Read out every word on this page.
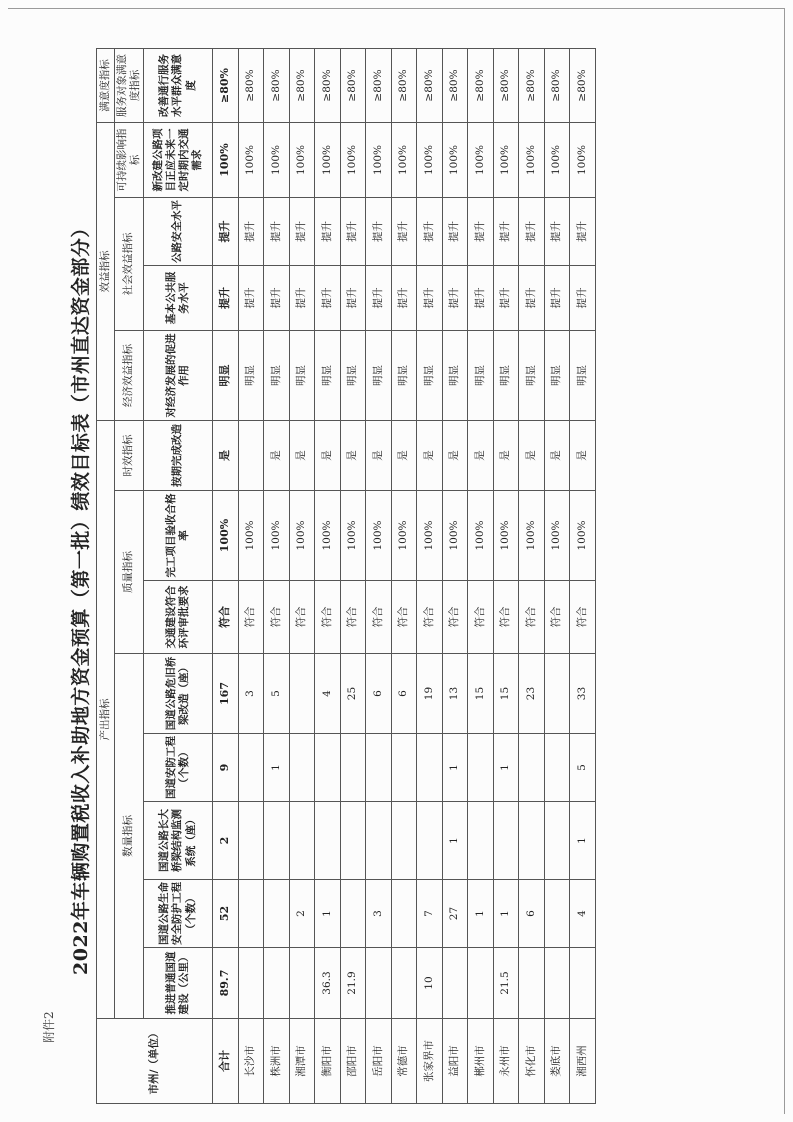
附件2
2022年车辆购置税收入补助地方资金预算（第一批）绩效目标表（市州直达资金部分）
市州/（单位）	产出指标								效益指标				满意度指标
	数量指标					质量指标		时效指标	经济效益指标	社会效益指标		可持续影响指标	服务对象满意度指标
	推进普通国道建设（公里）	国道公路生命安全防护工程（个数）	国道公路长大桥梁结构监测系统（座）	国道安防工程（个数）	国道公路危旧桥梁改造（座）	交通建设符合环评审批要求	完工项目验收合格率	按期完成改造	对经济发展的促进作用	基本公共服务水平	公路安全水平	新改建公路项目正应未来一定时期内交通需求	改善通行服务水平群众满意度
合计	89.7	52	2	9	167	符合	100%	是	明显	提升	提升	100%	≥80%
长沙市					3	符合	100%		明显	提升	提升	100%	≥80%
株洲市				1	5	符合	100%	是	明显	提升	提升	100%	≥80%
湘潭市		2				符合	100%	是	明显	提升	提升	100%	≥80%
衡阳市	36.3	1			4	符合	100%	是	明显	提升	提升	100%	≥80%
邵阳市	21.9				25	符合	100%	是	明显	提升	提升	100%	≥80%
岳阳市		3			6	符合	100%	是	明显	提升	提升	100%	≥80%
常德市					6	符合	100%	是	明显	提升	提升	100%	≥80%
张家界市	10	7			19	符合	100%	是	明显	提升	提升	100%	≥80%
益阳市		27	1	1	13	符合	100%	是	明显	提升	提升	100%	≥80%
郴州市		1			15	符合	100%	是	明显	提升	提升	100%	≥80%
永州市	21.5	1		1	15	符合	100%	是	明显	提升	提升	100%	≥80%
怀化市		6			23	符合	100%	是	明显	提升	提升	100%	≥80%
娄底市						符合	100%	是	明显	提升	提升	100%	≥80%
湘西州		4	1	5	33	符合	100%	是	明显	提升	提升	100%	≥80%
